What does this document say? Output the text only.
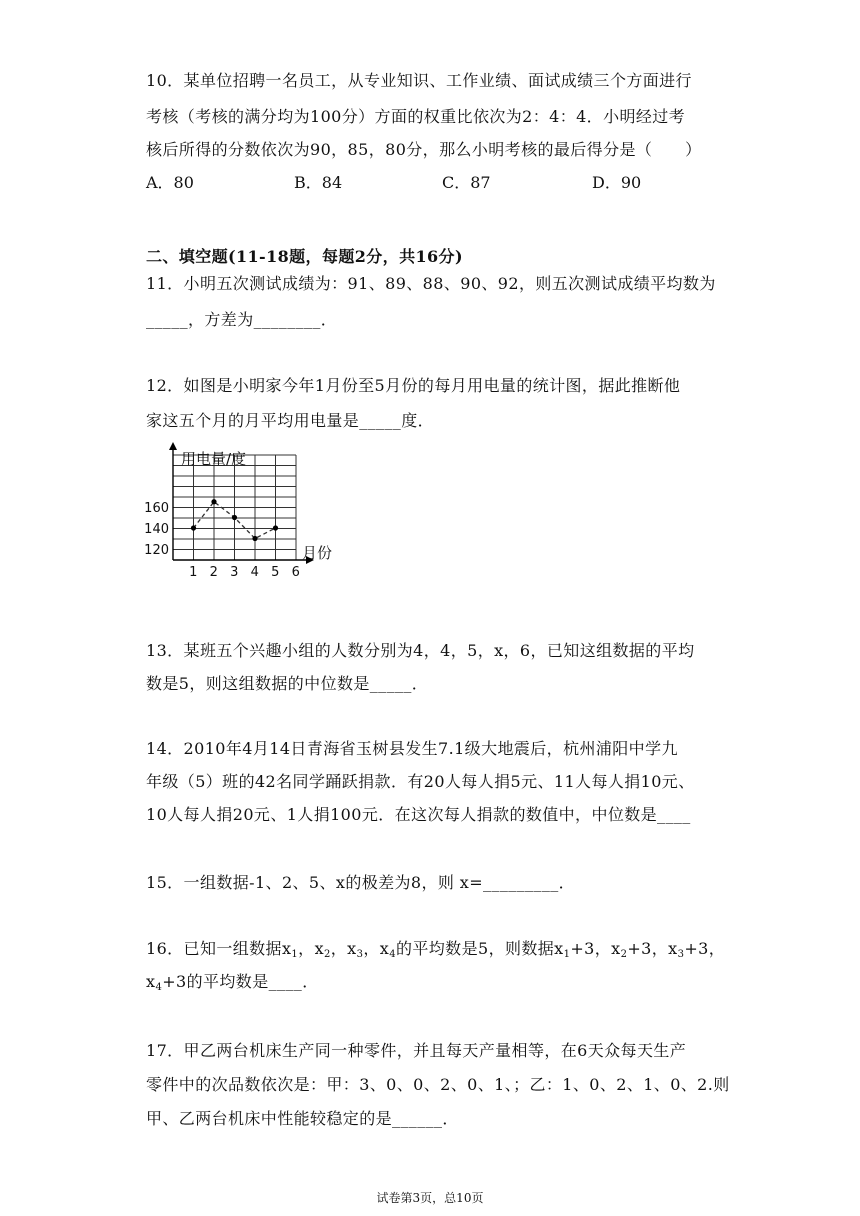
10．某单位招聘一名员工，从专业知识、工作业绩、面试成绩三个方面进行
考核（考核的满分均为100分）方面的权重比依次为2：4：4．小明经过考
核后所得的分数依次为90，85，80分，那么小明考核的最后得分是（　　）
A．80	B．84	C．87	D．90
二、填空题(11-18题，每题2分，共16分)
11．小明五次测试成绩为：91、89、88、90、92，则五次测试成绩平均数为
_____，方差为________．
12．如图是小明家今年1月份至5月份的每月用电量的统计图，据此推断他
家这五个月的月平均用电量是_____度．
用电量/度
月份
120
140
160
1 2 3 4 5 6
13．某班五个兴趣小组的人数分别为4，4，5，x，6，已知这组数据的平均
数是5，则这组数据的中位数是_____．
14．2010年4月14日青海省玉树县发生7.1级大地震后，杭州浦阳中学九
年级（5）班的42名同学踊跃捐款．有20人每人捐5元、11人每人捐10元、
10人每人捐20元、1人捐100元．在这次每人捐款的数值中，中位数是____
15．一组数据-1、2、5、x的极差为8，则 x=_________．
16．已知一组数据$x_1$，$x_2$，$x_3$，$x_4$的平均数是5，则数据$x_1+3$，$x_2+3$，$x_3+3$，
$x_4+3$的平均数是____．
17．甲乙两台机床生产同一种零件，并且每天产量相等，在6天众每天生产
零件中的次品数依次是：甲：3、0、0、2、0、1、；乙：1、0、2、1、0、2.则
甲、乙两台机床中性能较稳定的是______．
试卷第3页，总10页
